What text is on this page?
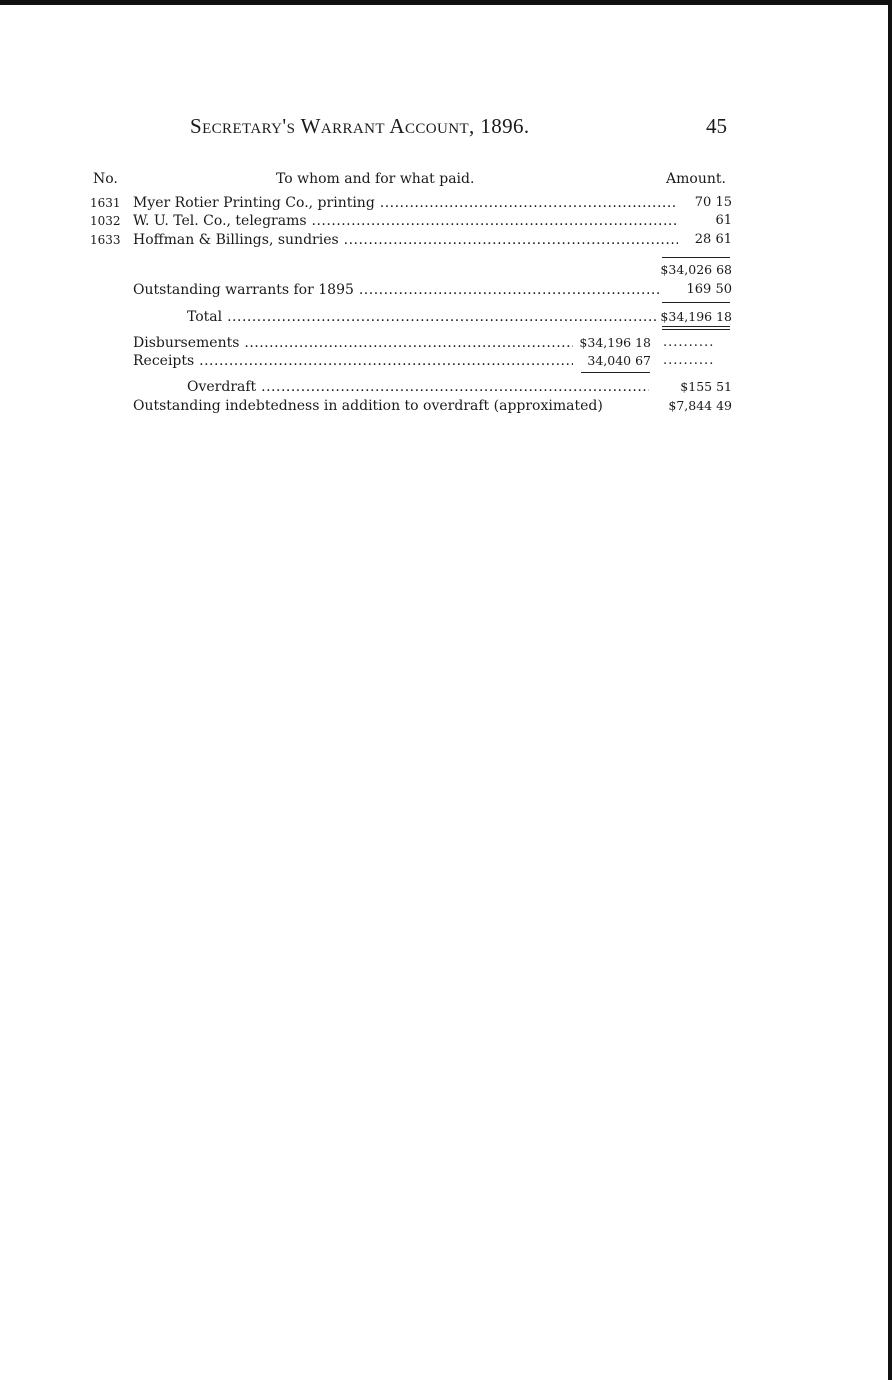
Secretary's Warrant Account, 1896.	45
No.	To whom and for what paid.	Amount.
1631 Myer Rotier Printing Co., printing .....	70 15
1032 W. U. Tel. Co., telegrams .....	61
1633 Hoffman & Billings, sundries .....	28 61
$34,026 68
Outstanding warrants for 1895 .....	169 50
Total .....	$34,196 18
Disbursements .....	$34,196 18 ..........
Receipts .....	34,040 67 ..........
Overdraft .....	$155 51
Outstanding indebtedness in addition to overdraft (approximated)	$7,844 49
